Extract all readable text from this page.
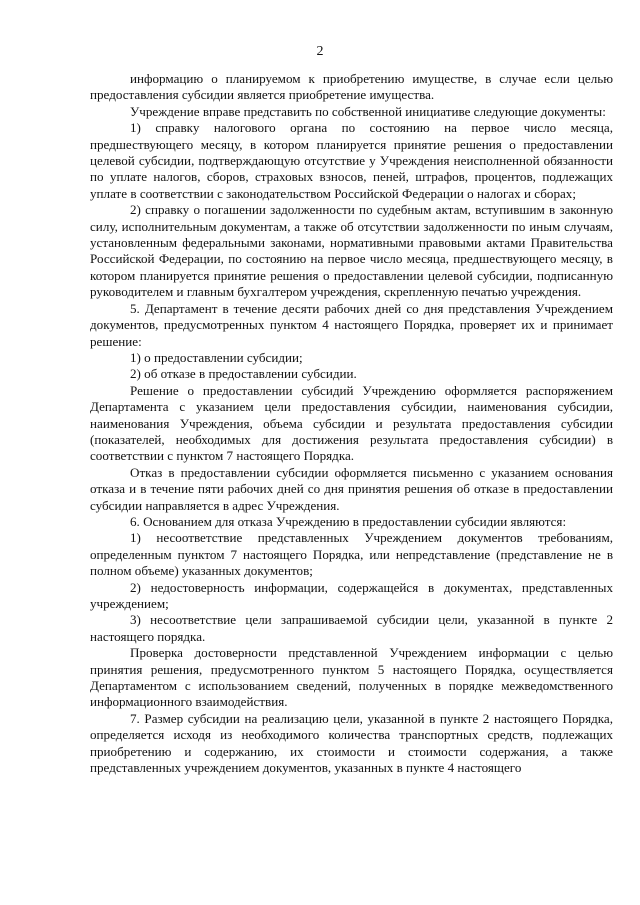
2

информацию о планируемом к приобретению имуществе, в случае если целью предоставления субсидии является приобретение имущества.

Учреждение вправе представить по собственной инициативе следующие документы:

1) справку налогового органа по состоянию на первое число месяца, предшествующего месяцу, в котором планируется принятие решения о предоставлении целевой субсидии, подтверждающую отсутствие у Учреждения неисполненной обязанности по уплате налогов, сборов, страховых взносов, пеней, штрафов, процентов, подлежащих уплате в соответствии с законодательством Российской Федерации о налогах и сборах;

2) справку о погашении задолженности по судебным актам, вступившим в законную силу, исполнительным документам, а также об отсутствии задолженности по иным случаям, установленным федеральными законами, нормативными правовыми актами Правительства Российской Федерации, по состоянию на первое число месяца, предшествующего месяцу, в котором планируется принятие решения о предоставлении целевой субсидии, подписанную руководителем и главным бухгалтером учреждения, скрепленную печатью учреждения.

5. Департамент в течение десяти рабочих дней со дня представления Учреждением документов, предусмотренных пунктом 4 настоящего Порядка, проверяет их и принимает решение:

1) о предоставлении субсидии;

2) об отказе в предоставлении субсидии.

Решение о предоставлении субсидий Учреждению оформляется распоряжением Департамента с указанием цели предоставления субсидии, наименования субсидии, наименования Учреждения, объема субсидии и результата предоставления субсидии (показателей, необходимых для достижения результата предоставления субсидии) в соответствии с пунктом 7 настоящего Порядка.

Отказ в предоставлении субсидии оформляется письменно с указанием основания отказа и в течение пяти рабочих дней со дня принятия решения об отказе в предоставлении субсидии направляется в адрес Учреждения.

6. Основанием для отказа Учреждению в предоставлении субсидии являются:

1) несоответствие представленных Учреждением документов требованиям, определенным пунктом 7 настоящего Порядка, или непредставление (представление не в полном объеме) указанных документов;

2) недостоверность информации, содержащейся в документах, представленных учреждением;

3) несоответствие цели запрашиваемой субсидии цели, указанной в пункте 2 настоящего порядка.

Проверка достоверности представленной Учреждением информации с целью принятия решения, предусмотренного пунктом 5 настоящего Порядка, осуществляется Департаментом с использованием сведений, полученных в порядке межведомственного информационного взаимодействия.

7. Размер субсидии на реализацию цели, указанной в пункте 2 настоящего Порядка, определяется исходя из необходимого количества транспортных средств, подлежащих приобретению и содержанию, их стоимости и стоимости содержания, а также представленных учреждением документов, указанных в пункте 4 настоящего
